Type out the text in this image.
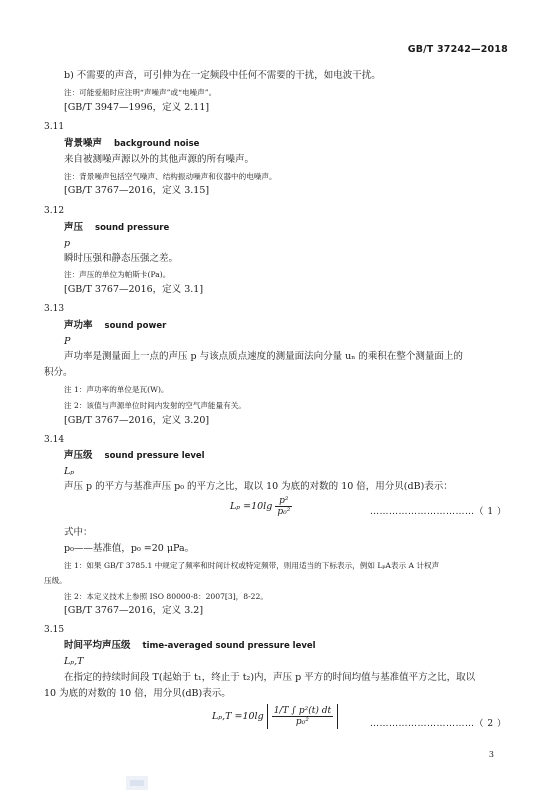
GB/T 37242—2018
b) 不需要的声音，可引伸为在一定频段中任何不需要的干扰，如电波干扰。
注：可能爱船时应注明“声噪声”或“电噪声”。
[GB/T 3947—1996，定义 2.11]
3.11
背景噪声 background noise
来自被测噪声源以外的其他声源的所有噪声。
注：背景噪声包括空气噪声、结构振动噪声和仪器中的电噪声。
[GB/T 3767—2016，定义 3.15]
3.12
声压 sound pressure
p
瞬时压强和静态压强之差。
注：声压的单位为帕斯卡(Pa)。
[GB/T 3767—2016，定义 3.1]
3.13
声功率 sound power
P
声功率是测量面上一点的声压 p 与该点质点速度的测量面法向分量 uₙ 的乘积在整个测量面上的
积分。
注 1：声功率的单位是瓦(W)。
注 2：该值与声源单位时间内发射的空气声能量有关。
[GB/T 3767—2016，定义 3.20]
3.14
声压级 sound pressure level
Lₚ
声压 p 的平方与基准声压 p₀ 的平方之比，取以 10 为底的对数的 10 倍，用分贝(dB)表示：
$L_p =10\lg \frac{\text{p²}}{\text{p₀²}}$	……………………………（ 1 ）
式中：
p₀——基准值，p₀ =20 μPa。
注 1：如果 GB/T 3785.1 中规定了频率和时间计权或特定频带，则用适当的下标表示，例如 LₚA表示 A 计权声
压级。
注 2：本定义技术上参照 ISO 80000-8：2007[3]，8-22。
[GB/T 3767—2016，定义 3.2]
3.15
时间平均声压级 time-averaged sound pressure level
Lₚ,T
在指定的持续时间段 T(起始于 t₁，终止于 t₂)内，声压 p 平方的时间均值与基准值平方之比，取以
10 为底的对数的 10 倍，用分贝(dB)表示。
$L_p,T =10\lg \frac{\text{1/T ∫ p²(t) dt}}{\text{p₀²}}$	……………………………（ 2 ）
3
